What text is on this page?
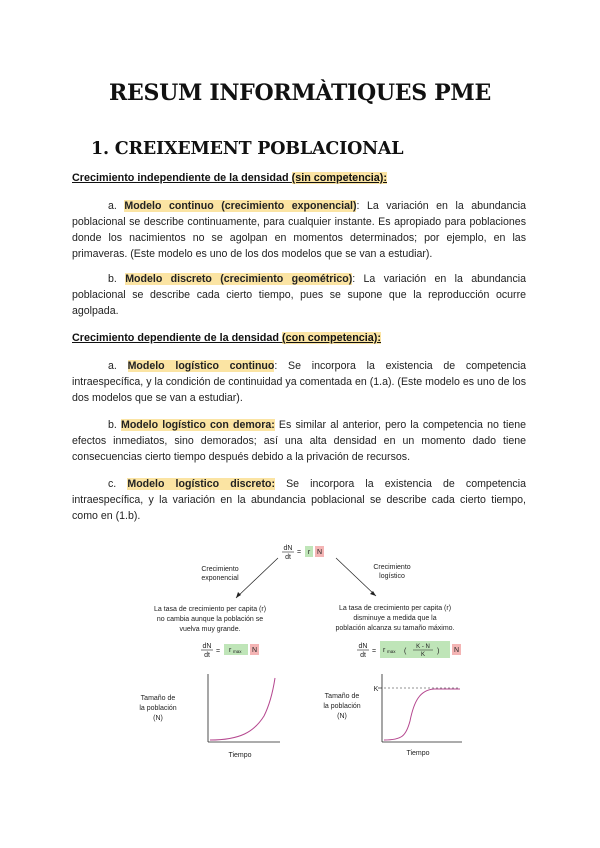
RESUM INFORMÀTIQUES PME
1. CREIXEMENT POBLACIONAL
Crecimiento independiente de la densidad (sin competencia):
a. Modelo continuo (crecimiento exponencial): La variación en la abundancia poblacional se describe continuamente, para cualquier instante. Es apropiado para poblaciones donde los nacimientos no se agolpan en momentos determinados; por ejemplo, en las primaveras. (Este modelo es uno de los dos modelos que se van a estudiar).
b. Modelo discreto (crecimiento geométrico): La variación en la abundancia poblacional se describe cada cierto tiempo, pues se supone que la reproducción ocurre agolpada.
Crecimiento dependiente de la densidad (con competencia):
a. Modelo logístico continuo: Se incorpora la existencia de competencia intraespecífica, y la condición de continuidad ya comentada en (1.a). (Este modelo es uno de los dos modelos que se van a estudiar).
b. Modelo logístico con demora: Es similar al anterior, pero la competencia no tiene efectos inmediatos, sino demorados; así una alta densidad en un momento dado tiene consecuencias cierto tiempo después debido a la privación de recursos.
c. Modelo logístico discreto: Se incorpora la existencia de competencia intraespecífica, y la variación en la abundancia poblacional se describe cada cierto tiempo, como en (1.b).
dN
dt
= r N
Crecimiento
exponencial
Crecimiento
logístico
La tasa de crecimiento per capita (r)
no cambia aunque la población se
vuelva muy grande.
La tasa de crecimiento per capita (r)
disminuye a medida que la
población alcanza su tamaño máximo.
dN
dt
= r max N
dN
dt
= r max (
K - N
K ) N
Tamaño de
la población
(N)
Tiempo
Tamaño de
la población
(N)
K
Tiempo
